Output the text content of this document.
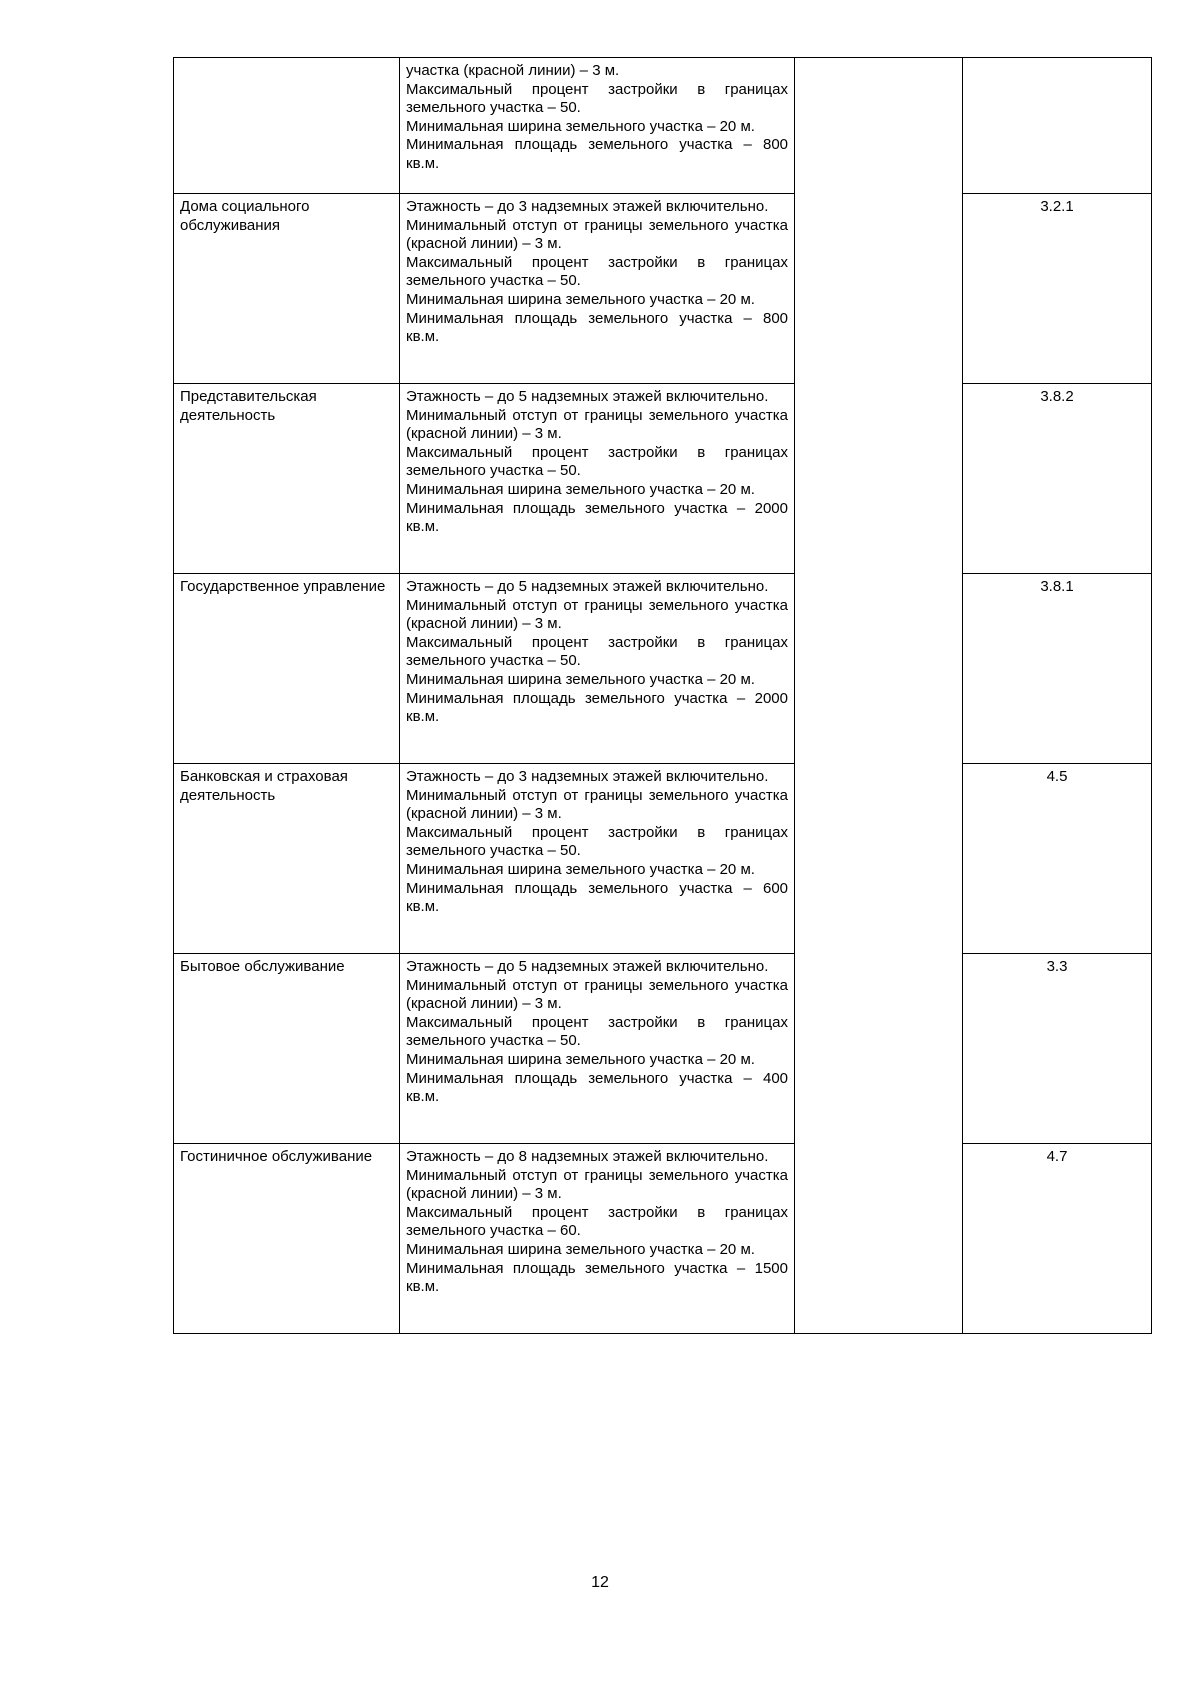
	участка (красной линии) – 3 м.
Максимальный процент застройки в границах земельного участка – 50.
Минимальная ширина земельного участка – 20 м.
Минимальная площадь земельного участка – 800 кв.м.		

Дома социального обслуживания	Этажность – до 3 надземных этажей включительно.
Минимальный отступ от границы земельного участка (красной линии) – 3 м.
Максимальный процент застройки в границах земельного участка – 50.
Минимальная ширина земельного участка – 20 м.
Минимальная площадь земельного участка – 800 кв.м.		3.2.1
Представительская деятельность	Этажность – до 5 надземных этажей включительно.
Минимальный отступ от границы земельного участка (красной линии) – 3 м.
Максимальный процент застройки в границах земельного участка – 50.
Минимальная ширина земельного участка – 20 м.
Минимальная площадь земельного участка – 2000 кв.м.		3.8.2
Государственное управление	Этажность – до 5 надземных этажей включительно.
Минимальный отступ от границы земельного участка (красной линии) – 3 м.
Максимальный процент застройки в границах земельного участка – 50.
Минимальная ширина земельного участка – 20 м.
Минимальная площадь земельного участка – 2000 кв.м.		3.8.1
Банковская и страховая деятельность	Этажность – до 3 надземных этажей включительно.
Минимальный отступ от границы земельного участка (красной линии) – 3 м.
Максимальный процент застройки в границах земельного участка – 50.
Минимальная ширина земельного участка – 20 м.
Минимальная площадь земельного участка – 600 кв.м.		4.5
Бытовое обслуживание	Этажность – до 5 надземных этажей включительно.
Минимальный отступ от границы земельного участка (красной линии) – 3 м.
Максимальный процент застройки в границах земельного участка – 50.
Минимальная ширина земельного участка – 20 м.
Минимальная площадь земельного участка – 400 кв.м.		3.3
Гостиничное обслуживание	Этажность – до 8 надземных этажей включительно.
Минимальный отступ от границы земельного участка (красной линии) – 3 м.
Максимальный процент застройки в границах земельного участка – 60.
Минимальная ширина земельного участка – 20 м.
Минимальная площадь земельного участка – 1500 кв.м.		4.7
12
